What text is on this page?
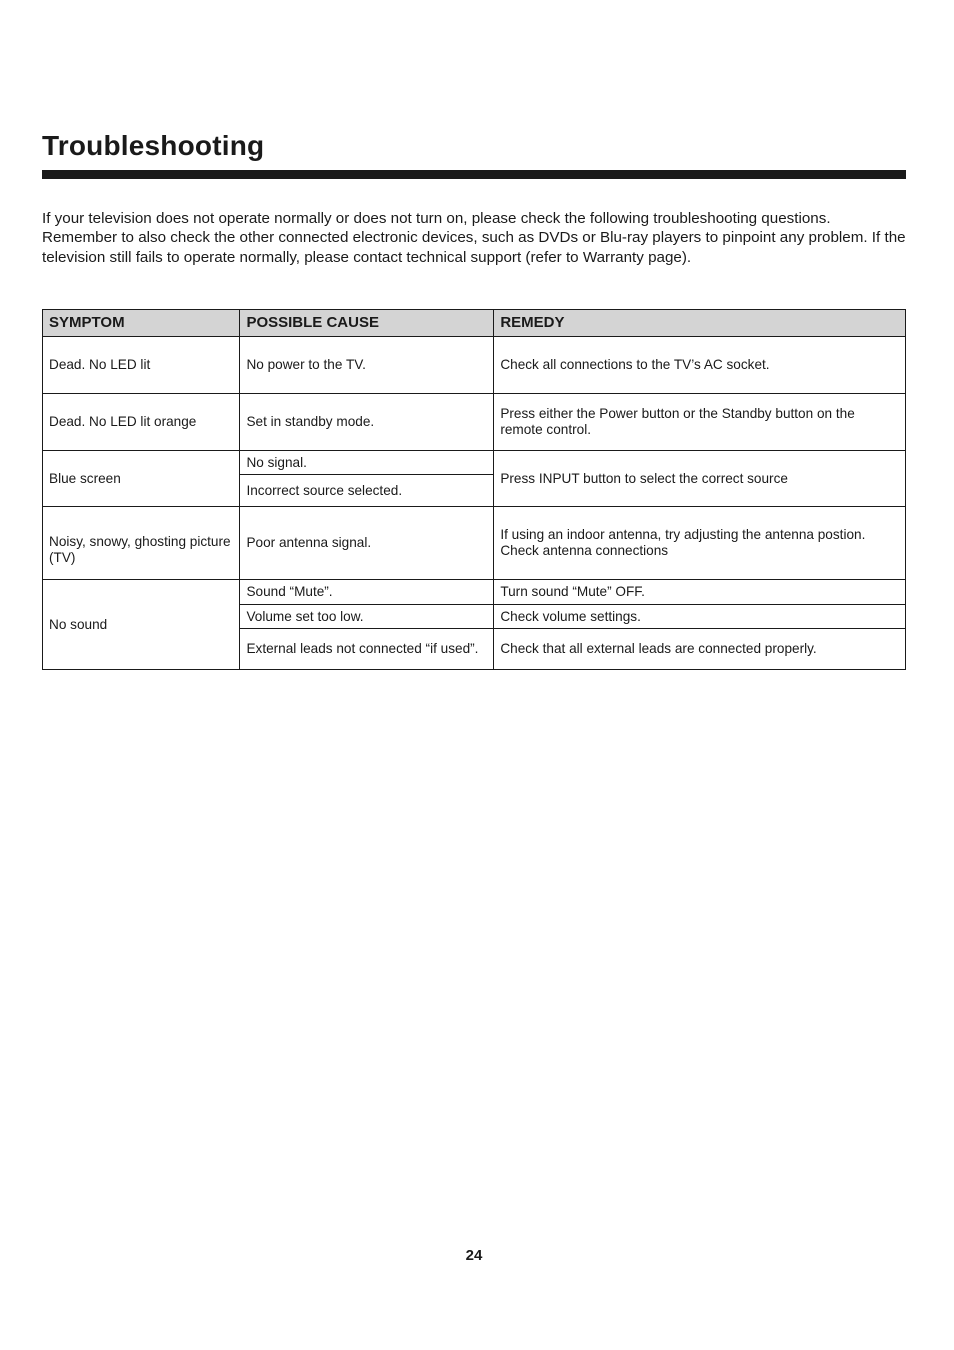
Troubleshooting

If your television does not operate normally or does not turn on, please check the following troubleshooting questions. Remember to also check the other connected electronic devices, such as DVDs or Blu-ray players to pinpoint any problem. If the television still fails to operate normally, please contact technical support (refer to Warranty page).

SYMPTOM	POSSIBLE CAUSE	REMEDY
Dead. No LED lit	No power to the TV.	Check all connections to the TV’s AC socket.
Dead. No LED lit orange	Set in standby mode.	Press either the Power button or the Standby button on the remote control.
Blue screen	No signal.	Press INPUT button to select the correct source
	Incorrect source selected.	
Noisy, snowy, ghosting picture (TV)	Poor antenna signal.	If using an indoor antenna, try adjusting the antenna postion. Check antenna connections
No sound	Sound “Mute”.	Turn sound “Mute” OFF.
	Volume set too low.	Check volume settings.
	External leads not connected “if used”.	Check that all external leads are connected properly.
24
